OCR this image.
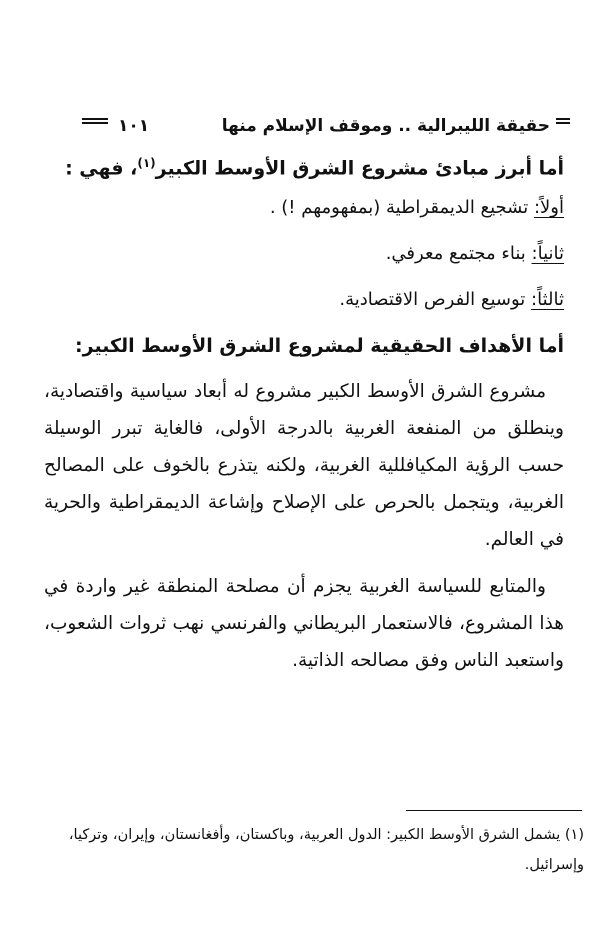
حقيقة الليبرالية .. وموقف الإسلام منها
١٠١

أما أبرز مبادئ مشروع الشرق الأوسط الكبير$^{(١)}$، فهي :

أولاً: تشجيع الديمقراطية (بمفهومهم !) .

ثانياً: بناء مجتمع معرفي.

ثالثاً: توسيع الفرص الاقتصادية.

أما الأهداف الحقيقية لمشروع الشرق الأوسط الكبير:

مشروع الشرق الأوسط الكبير مشروع له أبعاد سياسية واقتصادية، وينطلق من المنفعة الغربية بالدرجة الأولى، فالغاية تبرر الوسيلة حسب الرؤية المكيافللية الغربية، ولكنه يتذرع بالخوف على المصالح الغربية، ويتجمل بالحرص على الإصلاح وإشاعة الديمقراطية والحرية في العالم.

والمتابع للسياسة الغربية يجزم أن مصلحة المنطقة غير واردة في هذا المشروع، فالاستعمار البريطاني والفرنسي نهب ثروات الشعوب، واستعبد الناس وفق مصالحه الذاتية.

(١) يشمل الشرق الأوسط الكبير: الدول العربية، وباكستان، وأفغانستان، وإيران، وتركيا، وإسرائيل.
